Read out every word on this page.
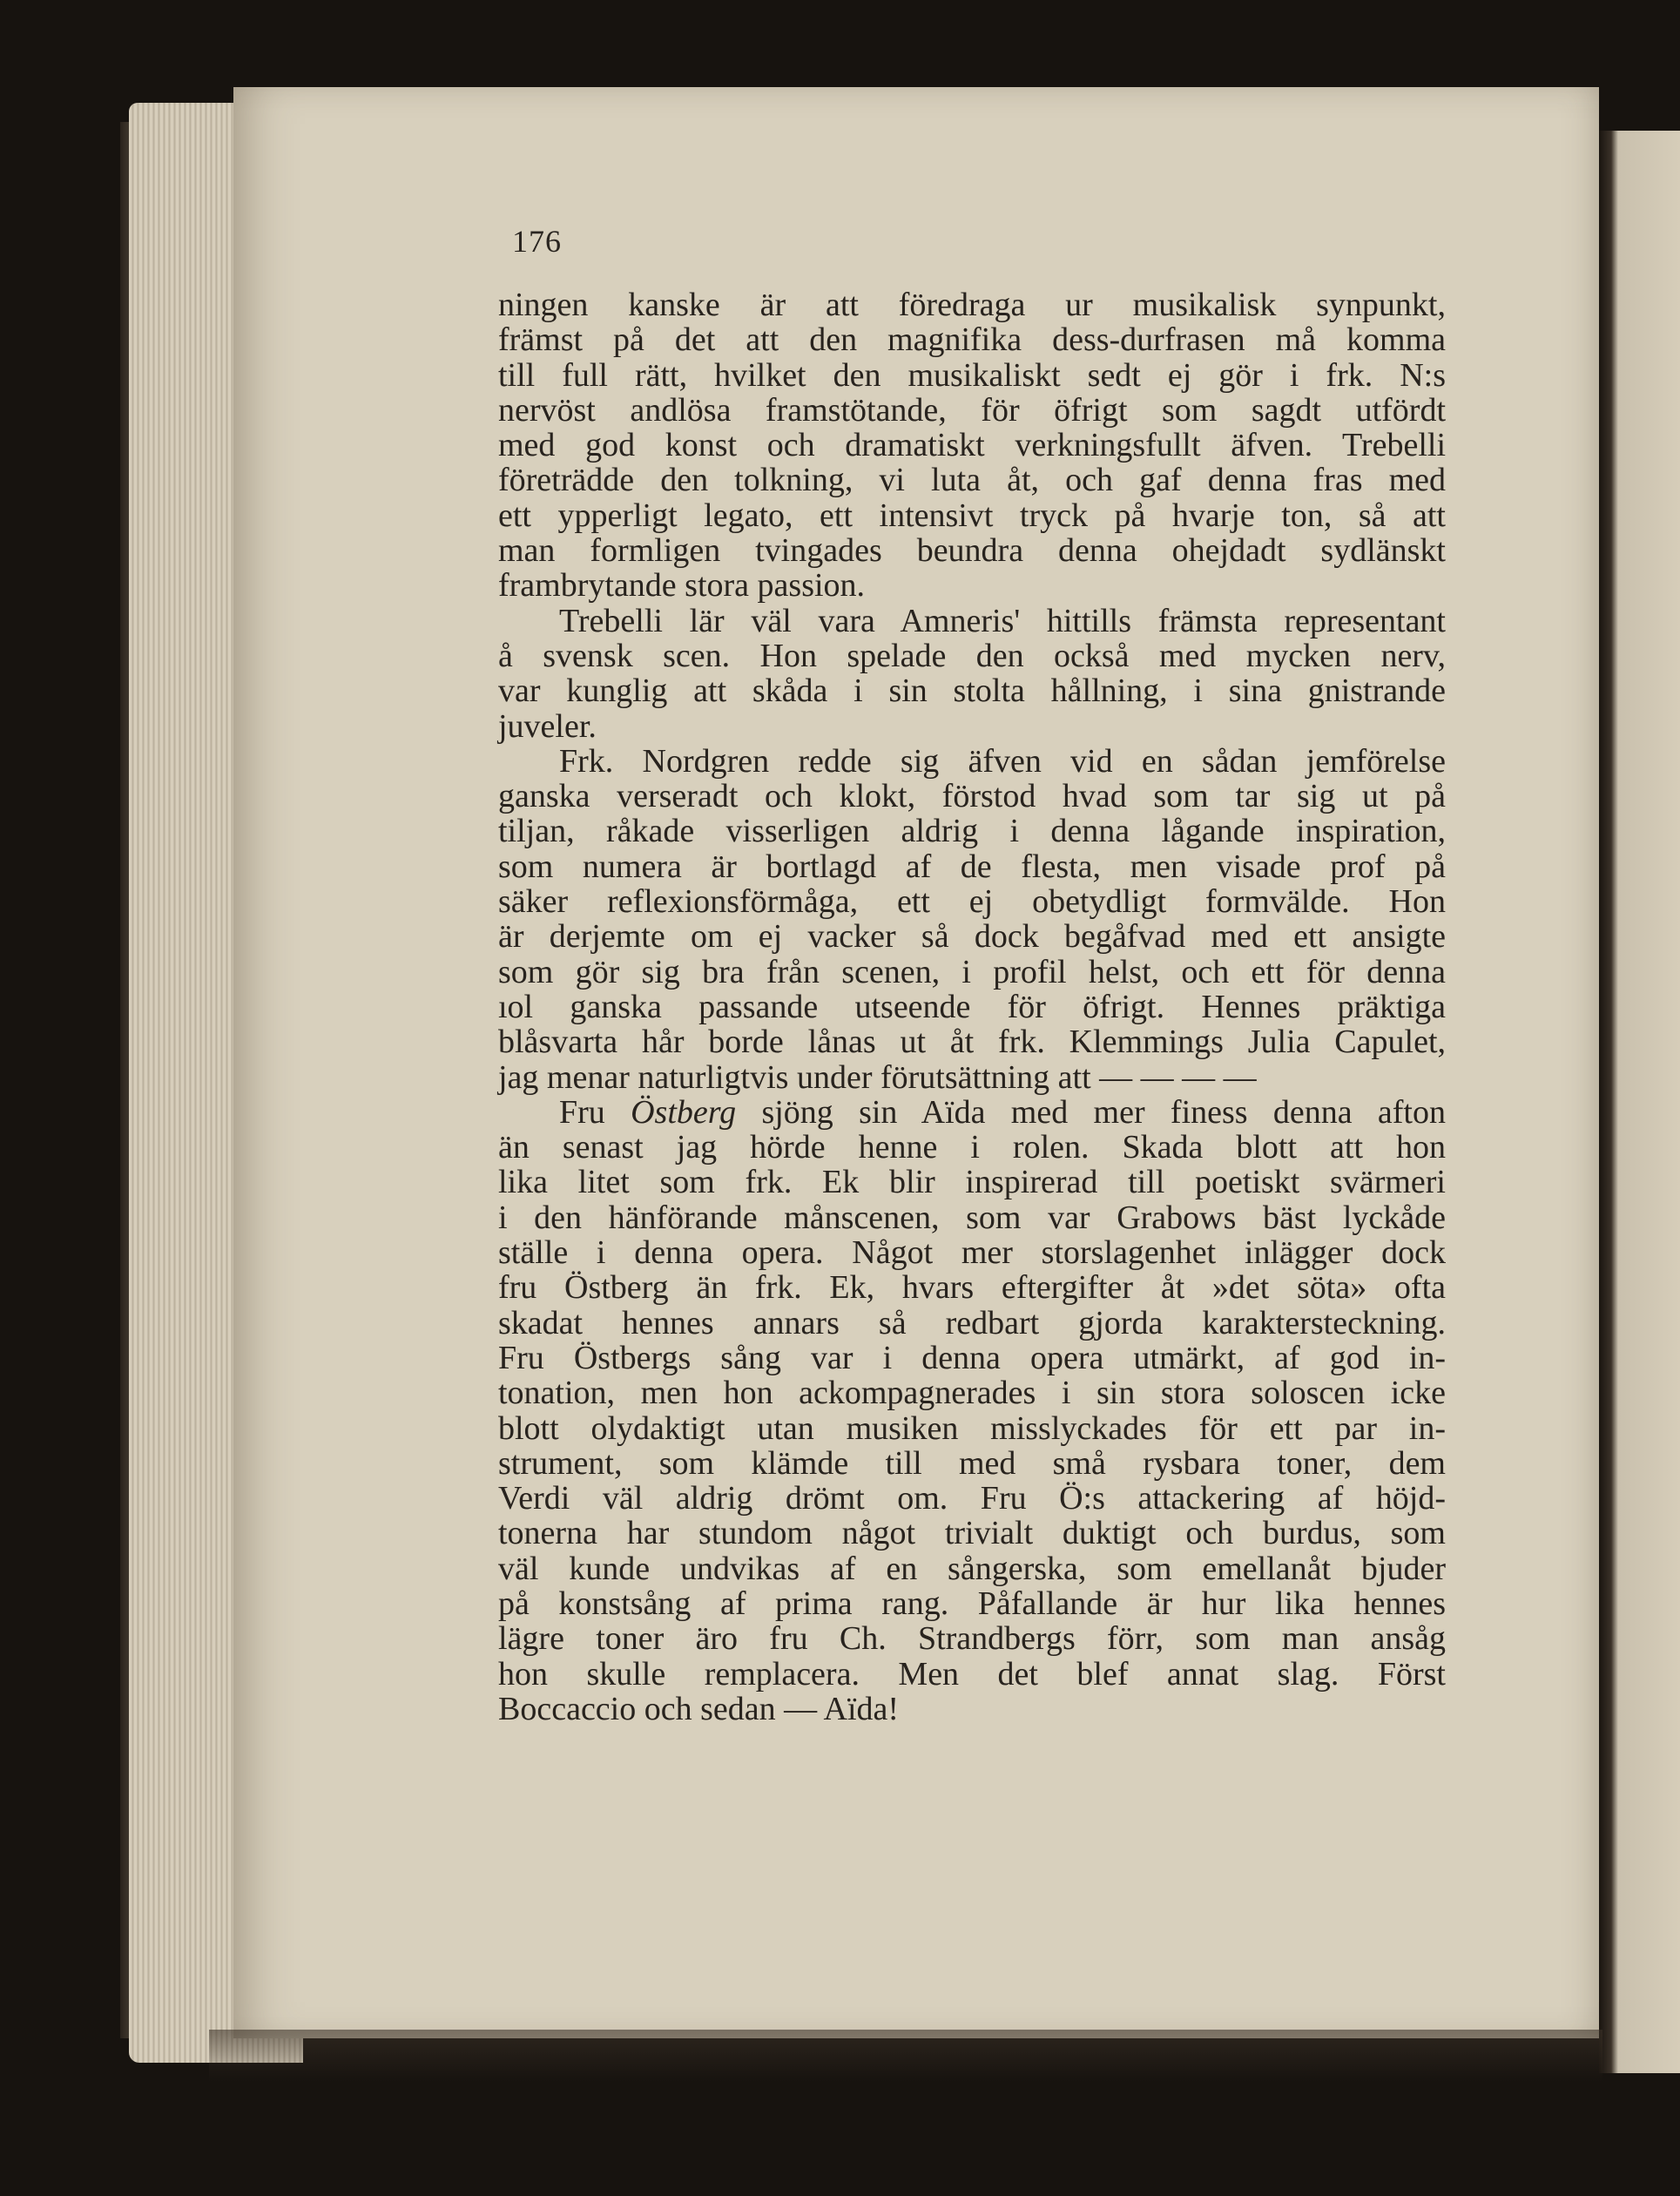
176
ningen kanske är att föredraga ur musikalisk synpunkt,
främst på det att den magnifika dess-durfrasen må komma
till full rätt, hvilket den musikaliskt sedt ej gör i frk. N:s
nervöst andlösa framstötande, för öfrigt som sagdt utfördt
med god konst och dramatiskt verkningsfullt äfven. Trebelli
företrädde den tolkning, vi luta åt, och gaf denna fras med
ett ypperligt legato, ett intensivt tryck på hvarje ton, så att
man formligen tvingades beundra denna ohejdadt sydlänskt
frambrytande stora passion.
Trebelli lär väl vara Amneris' hittills främsta representant
å svensk scen. Hon spelade den också med mycken nerv,
var kunglig att skåda i sin stolta hållning, i sina gnistrande
juveler.
Frk. Nordgren redde sig äfven vid en sådan jemförelse
ganska verseradt och klokt, förstod hvad som tar sig ut på
tiljan, råkade visserligen aldrig i denna lågande inspiration,
som numera är bortlagd af de flesta, men visade prof på
säker reflexionsförmåga, ett ej obetydligt formvälde. Hon
är derjemte om ej vacker så dock begåfvad med ett ansigte
som gör sig bra från scenen, i profil helst, och ett för denna
ıol ganska passande utseende för öfrigt. Hennes präktiga
blåsvarta hår borde lånas ut åt frk. Klemmings Julia Capulet,
jag menar naturligtvis under förutsättning att — — — —
Fru Östberg sjöng sin Aïda med mer finess denna afton
än senast jag hörde henne i rolen. Skada blott att hon
lika litet som frk. Ek blir inspirerad till poetiskt svärmeri
i den hänförande månscenen, som var Grabows bäst lyckåde
ställe i denna opera. Något mer storslagenhet inlägger dock
fru Östberg än frk. Ek, hvars eftergifter åt »det söta» ofta
skadat hennes annars så redbart gjorda karaktersteckning.
Fru Östbergs sång var i denna opera utmärkt, af god in-
tonation, men hon ackompagnerades i sin stora soloscen icke
blott olydaktigt utan musiken misslyckades för ett par in-
strument, som klämde till med små rysbara toner, dem
Verdi väl aldrig drömt om. Fru Ö:s attackering af höjd-
tonerna har stundom något trivialt duktigt och burdus, som
väl kunde undvikas af en sångerska, som emellanåt bjuder
på konstsång af prima rang. Påfallande är hur lika hennes
lägre toner äro fru Ch. Strandbergs förr, som man ansåg
hon skulle remplacera. Men det blef annat slag. Först
Boccaccio och sedan — Aïda!
